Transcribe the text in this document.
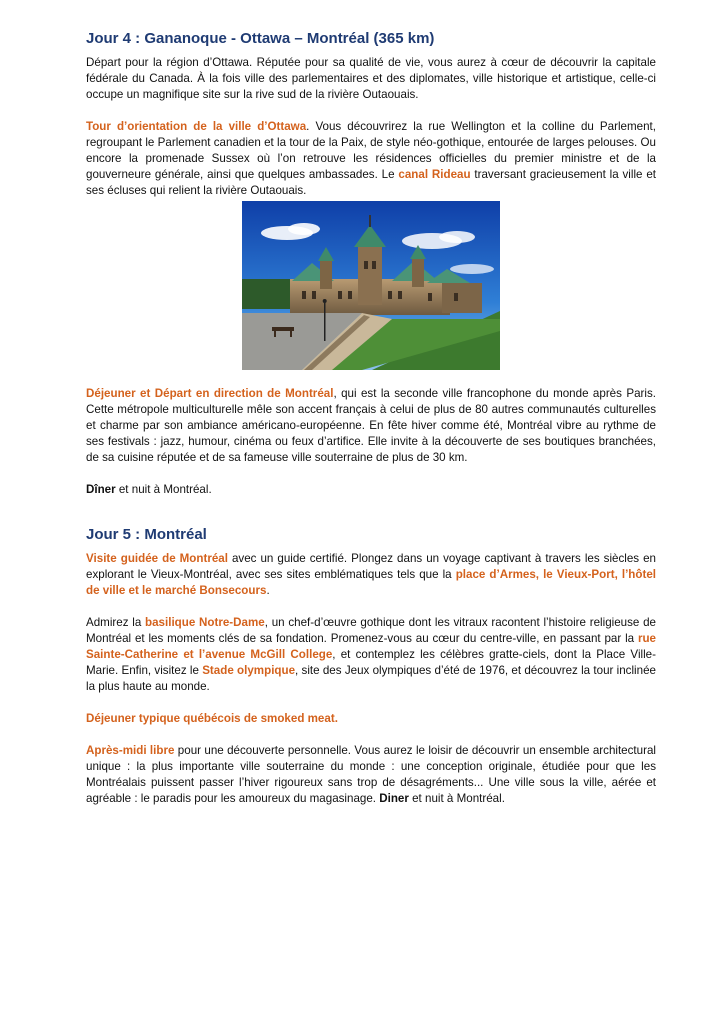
Jour 4 : Gananoque - Ottawa – Montréal (365 km)

Départ pour la région d’Ottawa. Réputée pour sa qualité de vie, vous aurez à cœur de découvrir la capitale fédérale du Canada. À la fois ville des parlementaires et des diplomates, ville historique et artistique, celle-ci occupe un magnifique site sur la rive sud de la rivière Outaouais.

Tour d’orientation de la ville d’Ottawa. Vous découvrirez la rue Wellington et la colline du Parlement, regroupant le Parlement canadien et la tour de la Paix, de style néo-gothique, entourée de larges pelouses. Ou encore la promenade Sussex où l’on retrouve les résidences officielles du premier ministre et de la gouverneure générale, ainsi que quelques ambassades. Le canal Rideau traversant gracieusement la ville et ses écluses qui relient la rivière Outaouais.

Déjeuner et Départ en direction de Montréal, qui est la seconde ville francophone du monde après Paris. Cette métropole multiculturelle mêle son accent français à celui de plus de 80 autres communautés culturelles et charme par son ambiance américano-européenne. En fête hiver comme été, Montréal vibre au rythme de ses festivals : jazz, humour, cinéma ou feux d’artifice. Elle invite à la découverte de ses boutiques branchées, de sa cuisine réputée et de sa fameuse ville souterraine de plus de 30 km.

Dîner et nuit à Montréal.

Jour 5 : Montréal

Visite guidée de Montréal avec un guide certifié. Plongez dans un voyage captivant à travers les siècles en explorant le Vieux-Montréal, avec ses sites emblématiques tels que la place d’Armes, le Vieux-Port, l’hôtel de ville et le marché Bonsecours.

Admirez la basilique Notre-Dame, un chef-d’œuvre gothique dont les vitraux racontent l’histoire religieuse de Montréal et les moments clés de sa fondation. Promenez-vous au cœur du centre-ville, en passant par la rue Sainte-Catherine et l’avenue McGill College, et contemplez les célèbres gratte-ciels, dont la Place Ville-Marie. Enfin, visitez le Stade olympique, site des Jeux olympiques d’été de 1976, et découvrez la tour inclinée la plus haute au monde.

Déjeuner typique québécois de smoked meat.

Après-midi libre pour une découverte personnelle. Vous aurez le loisir de découvrir un ensemble architectural unique : la plus importante ville souterraine du monde : une conception originale, étudiée pour que les Montréalais puissent passer l’hiver rigoureux sans trop de désagréments... Une ville sous la ville, aérée et agréable : le paradis pour les amoureux du magasinage. Diner et nuit à Montréal.
